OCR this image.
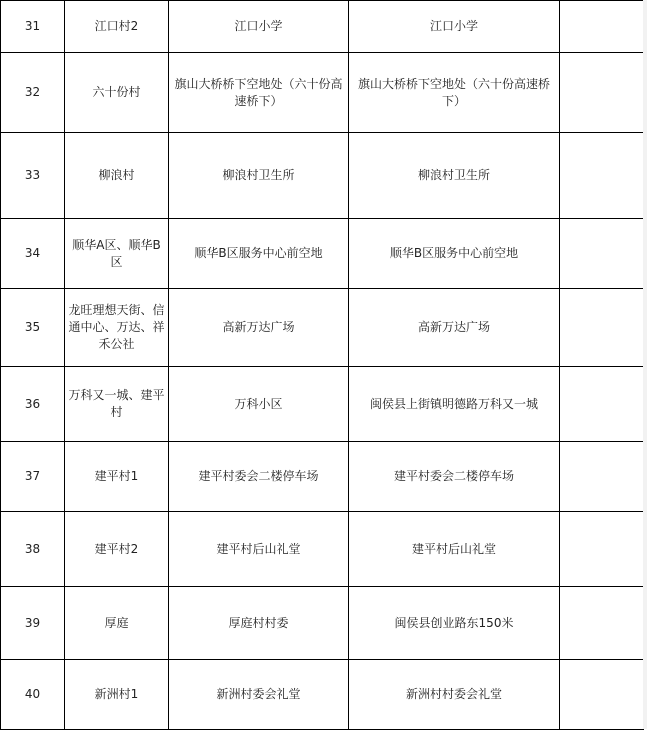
31	江口村2	江口小学	江口小学	
32	六十份村	旗山大桥桥下空地处（六十份高速桥下）	旗山大桥桥下空地处（六十份高速桥下）	
33	柳浪村	柳浪村卫生所	柳浪村卫生所	
34	顺华A区、顺华B区	顺华B区服务中心前空地	顺华B区服务中心前空地	
35	龙旺理想天街、信通中心、万达、祥禾公社	高新万达广场	高新万达广场	
36	万科又一城、建平村	万科小区	闽侯县上街镇明德路万科又一城	
37	建平村1	建平村委会二楼停车场	建平村委会二楼停车场	
38	建平村2	建平村后山礼堂	建平村后山礼堂	
39	厚庭	厚庭村村委	闽侯县创业路东150米	
40	新洲村1	新洲村委会礼堂	新洲村村委会礼堂	
